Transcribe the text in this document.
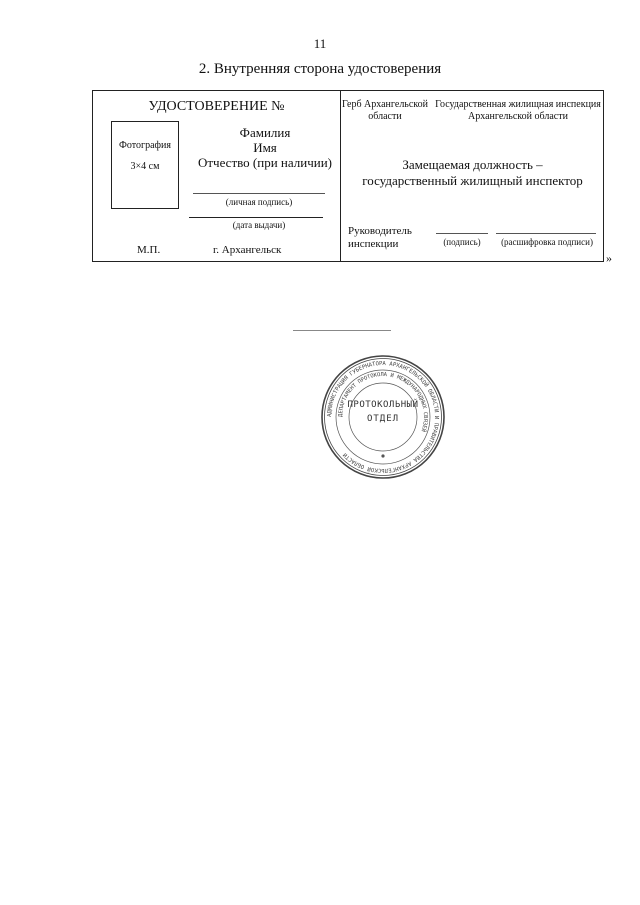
11
2. Внутренняя сторона удостоверения
УДОСТОВЕРЕНИЕ №
Фотография
3×4 см
Фамилия
Имя
Отчество (при наличии)
(личная подпись)
(дата выдачи)
М.П.	г. Архангельск
Герб Архангельской области
Государственная жилищная инспекция Архангельской области
Замещаемая должность –
государственный жилищный инспектор
Руководитель
инспекции	(подпись)	(расшифровка подписи)
»
АДМИНИСТРАЦИЯ ГУБЕРНАТОРА АРХАНГЕЛЬСКОЙ ОБЛАСТИ И ПРАВИТЕЛЬСТВА АРХАНГЕЛЬСКОЙ ОБЛАСТИ
ДЕПАРТАМЕНТ ПРОТОКОЛА И МЕЖДУНАРОДНЫХ СВЯЗЕЙ
ПРОТОКОЛЬНЫЙ
ОТДЕЛ
